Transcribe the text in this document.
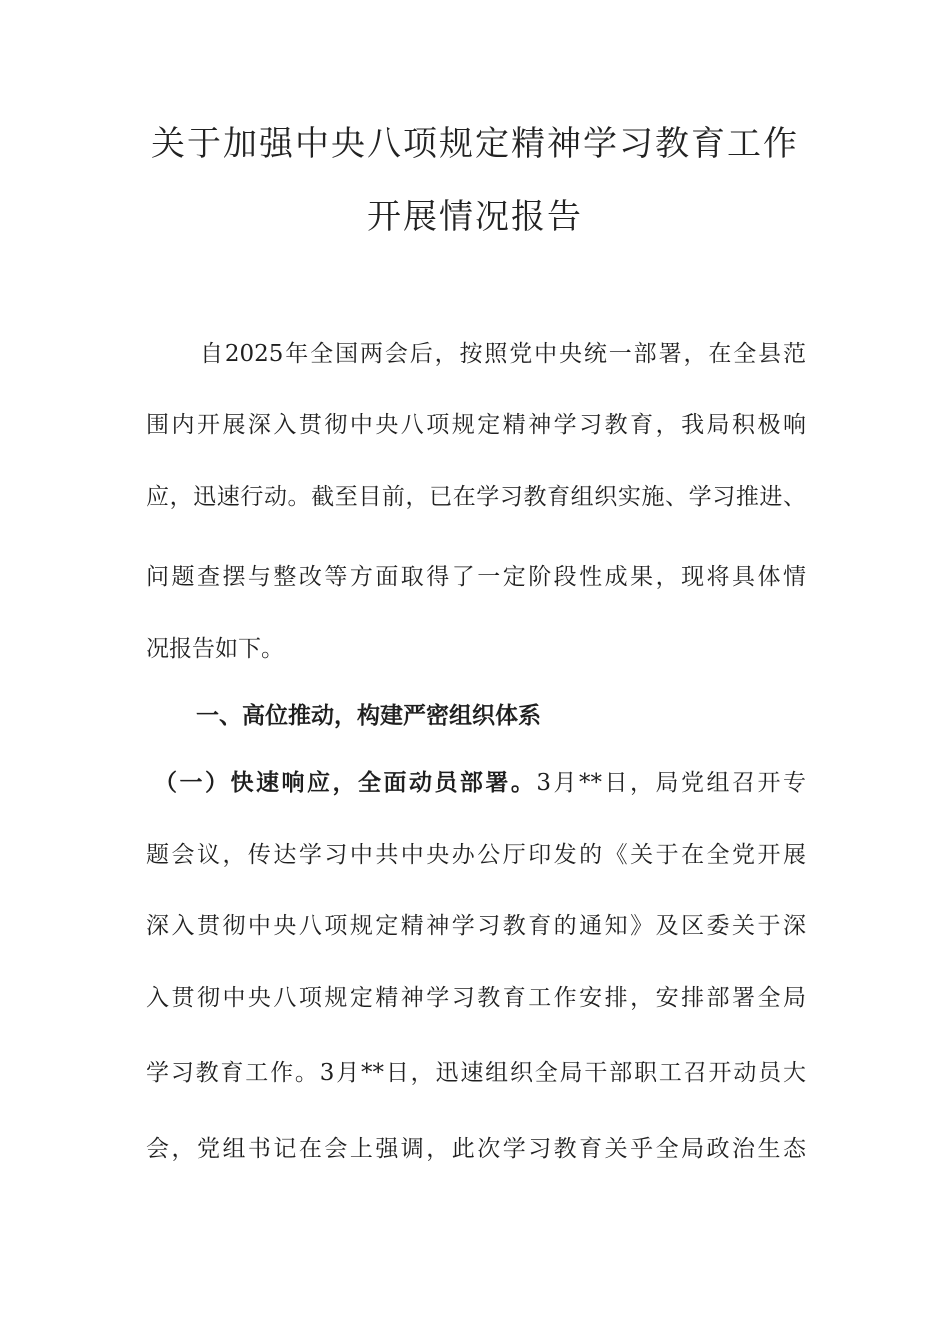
关于加强中央八项规定精神学习教育工作
开展情况报告
自2025年全国两会后，按照党中央统一部署，在全县范
围内开展深入贯彻中央八项规定精神学习教育，我局积极响
应，迅速行动。截至目前，已在学习教育组织实施、学习推进、
问题查摆与整改等方面取得了一定阶段性成果，现将具体情
况报告如下。
一、高位推动，构建严密组织体系
（一）快速响应，全面动员部署。3月**日，局党组召开专
题会议，传达学习中共中央办公厅印发的《关于在全党开展
深入贯彻中央八项规定精神学习教育的通知》及区委关于深
入贯彻中央八项规定精神学习教育工作安排，安排部署全局
学习教育工作。3月**日，迅速组织全局干部职工召开动员大
会，党组书记在会上强调，此次学习教育关乎全局政治生态
